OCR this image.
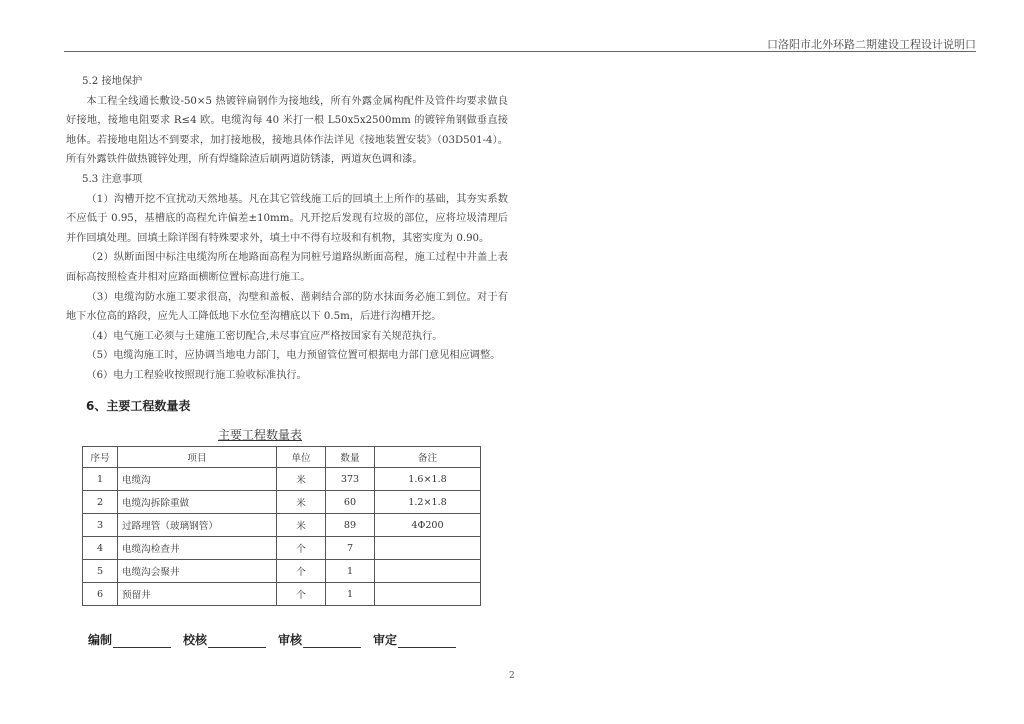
口洛阳市北外环路二期建设工程设计说明口

5.2 接地保护

本工程全线通长敷设-50×5 热镀锌扁钢作为接地线，所有外露金属构配件及管件均要求做良好接地，接地电阻要求 R≤4 欧。电缆沟每 40 米打一根 L50x5x2500mm 的镀锌角钢做垂直接地体。若接地电阻达不到要求，加打接地极，接地具体作法详见《接地装置安装》（03D501-4）。所有外露铁件做热镀锌处理，所有焊缝除渣后刷两道防锈漆，两道灰色调和漆。

5.3 注意事项

（1）沟槽开挖不宜扰动天然地基。凡在其它管线施工后的回填土上所作的基础，其夯实系数不应低于 0.95，基槽底的高程允许偏差±10mm。凡开挖后发现有垃圾的部位，应将垃圾清理后并作回填处理。回填土除详图有特殊要求外，填土中不得有垃圾和有机物，其密实度为 0.90。

（2）纵断面图中标注电缆沟所在地路面高程为同桩号道路纵断面高程，施工过程中井盖上表面标高按照检查井相对应路面横断位置标高进行施工。

（3）电缆沟防水施工要求很高，沟壁和盖板、凿刺结合部的防水抹面务必施工到位。对于有地下水位高的路段，应先人工降低地下水位至沟槽底以下 0.5m，后进行沟槽开挖。

（4）电气施工必须与土建施工密切配合,未尽事宜应严格按国家有关规范执行。

（5）电缆沟施工时，应协调当地电力部门，电力预留管位置可根据电力部门意见相应调整。

（6）电力工程验收按照现行施工验收标准执行。

6、主要工程数量表
主要工程数量表
序号	项目	单位	数量	备注
1	电缆沟	米	373	1.6×1.8
2	电缆沟拆除重做	米	60	1.2×1.8
3	过路埋管（玻璃钢管）	米	89	4Φ200
4	电缆沟检查井	个	7	
5	电缆沟会聚井	个	1	
6	预留井	个	1	
编制	校核	审核	审定
2
